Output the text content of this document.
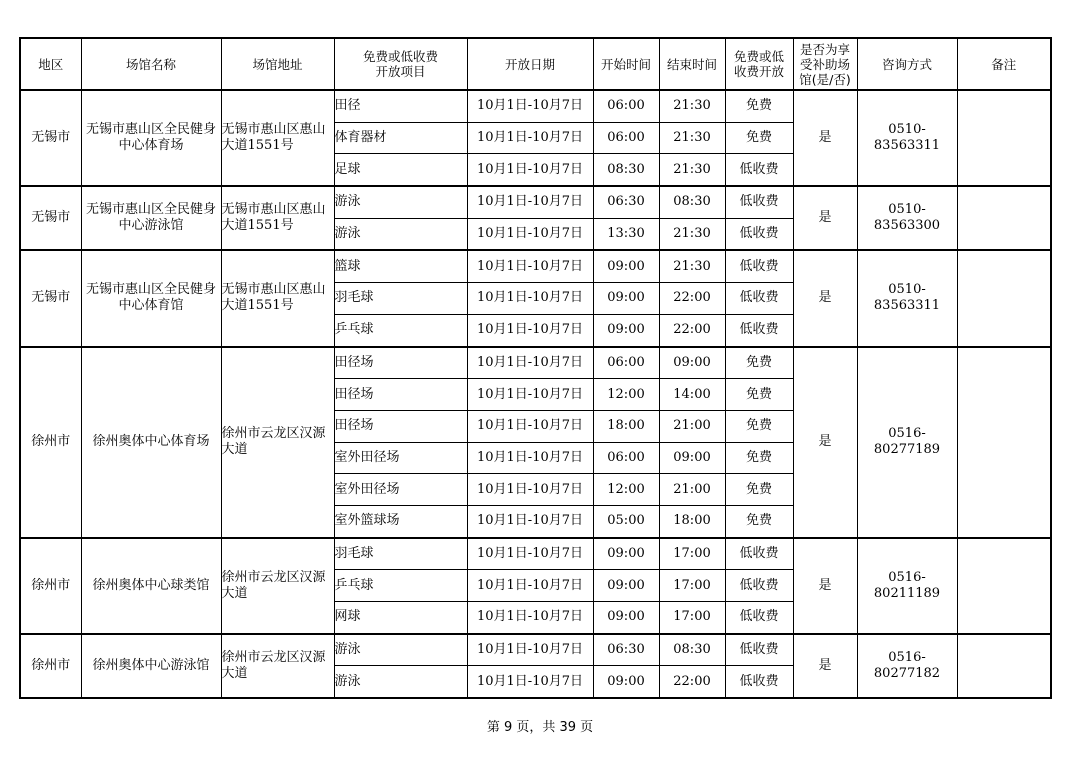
地区	场馆名称	场馆地址	免费或低收费开放项目	开放日期	开始时间	结束时间	免费或低收费开放	是否为享受补助场馆(是/否)	咨询方式	备注
无锡市	无锡市惠山区全民健身中心体育场	无锡市惠山区惠山大道1551号	田径	10月1日-10月7日	06:00	21:30	免费	是	0510-83563311	
			体育器材	10月1日-10月7日	06:00	21:30	免费			
			足球	10月1日-10月7日	08:30	21:30	低收费			
无锡市	无锡市惠山区全民健身中心游泳馆	无锡市惠山区惠山大道1551号	游泳	10月1日-10月7日	06:30	08:30	低收费	是	0510-83563300	
			游泳	10月1日-10月7日	13:30	21:30	低收费			
无锡市	无锡市惠山区全民健身中心体育馆	无锡市惠山区惠山大道1551号	篮球	10月1日-10月7日	09:00	21:30	低收费	是	0510-83563311	
			羽毛球	10月1日-10月7日	09:00	22:00	低收费			
			乒乓球	10月1日-10月7日	09:00	22:00	低收费			
徐州市	徐州奥体中心体育场	徐州市云龙区汉源大道	田径场	10月1日-10月7日	06:00	09:00	免费	是	0516-80277189	
			田径场	10月1日-10月7日	12:00	14:00	免费			
			田径场	10月1日-10月7日	18:00	21:00	免费			
			室外田径场	10月1日-10月7日	06:00	09:00	免费			
			室外田径场	10月1日-10月7日	12:00	21:00	免费			
			室外篮球场	10月1日-10月7日	05:00	18:00	免费			
徐州市	徐州奥体中心球类馆	徐州市云龙区汉源大道	羽毛球	10月1日-10月7日	09:00	17:00	低收费	是	0516-80211189	
			乒乓球	10月1日-10月7日	09:00	17:00	低收费			
			网球	10月1日-10月7日	09:00	17:00	低收费			
徐州市	徐州奥体中心游泳馆	徐州市云龙区汉源大道	游泳	10月1日-10月7日	06:30	08:30	低收费	是	0516-80277182	
			游泳	10月1日-10月7日	09:00	22:00	低收费			
第 9 页，共 39 页
